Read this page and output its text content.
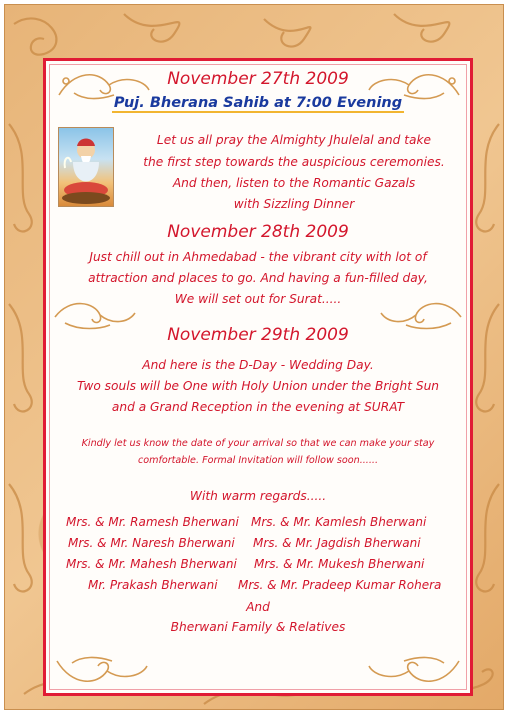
November 27th 2009
Puj. Bherana Sahib at 7:00 Evening
Let us all pray the Almighty Jhulelal and take
the first step towards the auspicious ceremonies.
And then, listen to the Romantic Gazals
with Sizzling Dinner
November 28th 2009
Just chill out in Ahmedabad - the vibrant city with lot of
attraction and places to go. And having a fun-filled day,
We will set out for Surat.....
November 29th 2009
And here is the D-Day - Wedding Day.
Two souls will be One with Holy Union under the Bright Sun
and a Grand Reception in the evening at SURAT
Kindly let us know the date of your arrival so that we can make your stay
comfortable. Formal Invitation will follow soon......
With warm regards.....
Mrs. & Mr. Ramesh Bherwani
Mrs. & Mr. Naresh Bherwani
Mrs. & Mr. Mahesh Bherwani
Mr. Prakash Bherwani
Mrs. & Mr. Kamlesh Bherwani
Mrs. & Mr. Jagdish Bherwani
Mrs. & Mr. Mukesh Bherwani
Mrs. & Mr. Pradeep Kumar Rohera
And
Bherwani Family & Relatives
